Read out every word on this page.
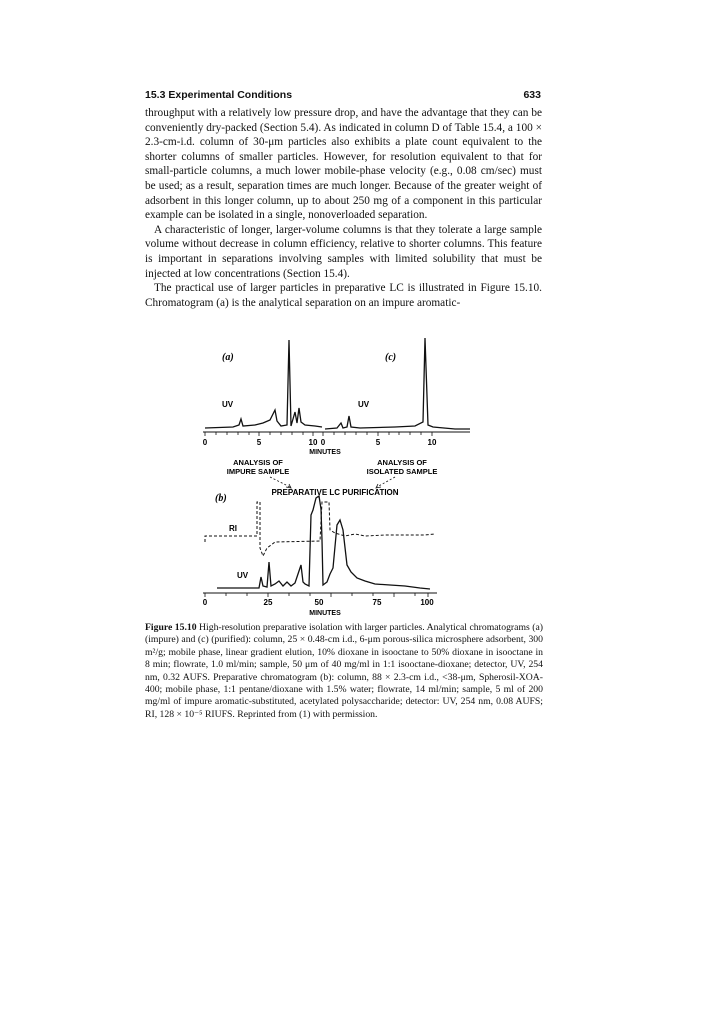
15.3 Experimental Conditions	633

throughput with a relatively low pressure drop, and have the advantage that they can be conveniently dry-packed (Section 5.4). As indicated in column D of Table 15.4, a 100 × 2.3-cm-i.d. column of 30-μm particles also exhibits a plate count equivalent to the shorter columns of smaller particles. However, for resolution equivalent to that for small-particle columns, a much lower mobile-phase velocity (e.g., 0.08 cm/sec) must be used; as a result, separation times are much longer. Because of the greater weight of adsorbent in this longer column, up to about 250 mg of a component in this particular example can be isolated in a single, nonoverloaded separation.

A characteristic of longer, larger-volume columns is that they tolerate a large sample volume without decrease in column efficiency, relative to shorter columns. This feature is important in separations involving samples with limited solubility that must be injected at low concentrations (Section 15.4).

The practical use of larger particles in preparative LC is illustrated in Figure 15.10. Chromatogram (a) is the analytical separation on an impure aromatic-

(a)	(c)
UV	UV
0	5	10 0	5	10
MINUTES
ANALYSIS OF
IMPURE SAMPLE
ANALYSIS OF
ISOLATED SAMPLE
PREPARATIVE LC PURIFICATION
(b)
RI
UV
0	25	50	75	100
MINUTES

Figure 15.10 High-resolution preparative isolation with larger particles. Analytical chromatograms (a) (impure) and (c) (purified): column, 25 × 0.48-cm i.d., 6-μm porous-silica microsphere adsorbent, 300 m²/g; mobile phase, linear gradient elution, 10% dioxane in isooctane to 50% dioxane in isooctane in 8 min; flowrate, 1.0 ml/min; sample, 50 μm of 40 mg/ml in 1:1 isooctane-dioxane; detector, UV, 254 nm, 0.32 AUFS. Preparative chromatogram (b): column, 88 × 2.3-cm i.d., <38-μm, Spherosil-XOA-400; mobile phase, 1:1 pentane/dioxane with 1.5% water; flowrate, 14 ml/min; sample, 5 ml of 200 mg/ml of impure aromatic-substituted, acetylated polysaccharide; detector: UV, 254 nm, 0.08 AUFS; RI, 128 × 10⁻⁵ RIUFS. Reprinted from (1) with permission.
